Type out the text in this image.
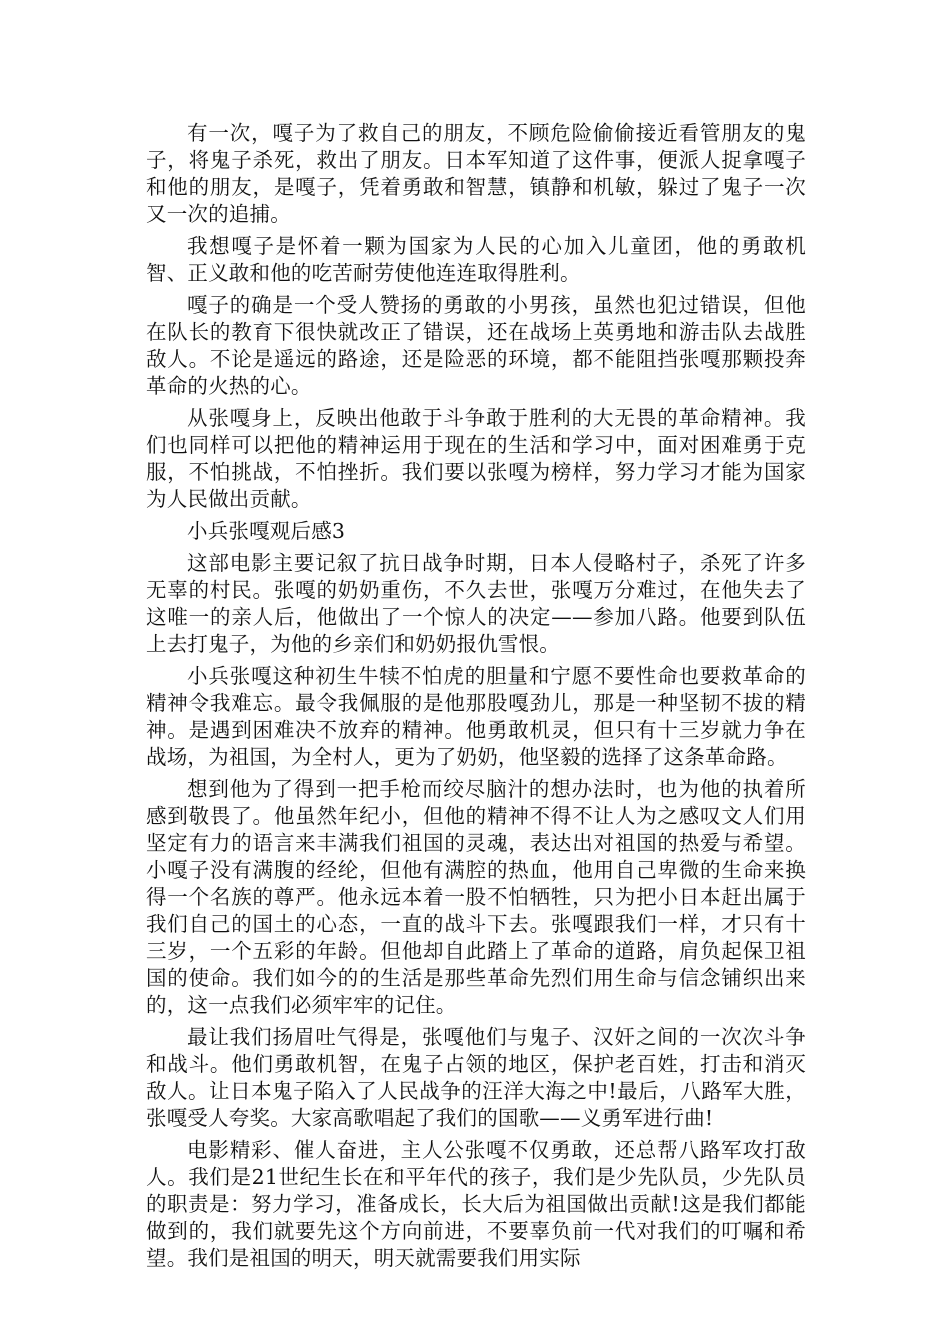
有一次，嘎子为了救自己的朋友，不顾危险偷偷接近看管朋友的鬼子，将鬼子杀死，救出了朋友。日本军知道了这件事，便派人捉拿嘎子和他的朋友，是嘎子，凭着勇敢和智慧，镇静和机敏，躲过了鬼子一次又一次的追捕。

我想嘎子是怀着一颗为国家为人民的心加入儿童团，他的勇敢机智、正义敢和他的吃苦耐劳使他连连取得胜利。

嘎子的确是一个受人赞扬的勇敢的小男孩，虽然也犯过错误，但他在队长的教育下很快就改正了错误，还在战场上英勇地和游击队去战胜敌人。不论是遥远的路途，还是险恶的环境，都不能阻挡张嘎那颗投奔革命的火热的心。

从张嘎身上，反映出他敢于斗争敢于胜利的大无畏的革命精神。我们也同样可以把他的精神运用于现在的生活和学习中，面对困难勇于克服，不怕挑战，不怕挫折。我们要以张嘎为榜样，努力学习才能为国家为人民做出贡献。

小兵张嘎观后感3

这部电影主要记叙了抗日战争时期，日本人侵略村子，杀死了许多无辜的村民。张嘎的奶奶重伤，不久去世，张嘎万分难过，在他失去了这唯一的亲人后，他做出了一个惊人的决定——参加八路。他要到队伍上去打鬼子，为他的乡亲们和奶奶报仇雪恨。

小兵张嘎这种初生牛犊不怕虎的胆量和宁愿不要性命也要救革命的精神令我难忘。最令我佩服的是他那股嘎劲儿，那是一种坚韧不拔的精神。是遇到困难决不放弃的精神。他勇敢机灵，但只有十三岁就力争在战场，为祖国，为全村人，更为了奶奶，他坚毅的选择了这条革命路。

想到他为了得到一把手枪而绞尽脑汁的想办法时，也为他的执着所感到敬畏了。他虽然年纪小，但他的精神不得不让人为之感叹文人们用坚定有力的语言来丰满我们祖国的灵魂，表达出对祖国的热爱与希望。小嘎子没有满腹的经纶，但他有满腔的热血，他用自己卑微的生命来换得一个名族的尊严。他永远本着一股不怕牺牲，只为把小日本赶出属于我们自己的国土的心态，一直的战斗下去。张嘎跟我们一样，才只有十三岁，一个五彩的年龄。但他却自此踏上了革命的道路，肩负起保卫祖国的使命。我们如今的的生活是那些革命先烈们用生命与信念铺织出来的，这一点我们必须牢牢的记住。

最让我们扬眉吐气得是，张嘎他们与鬼子、汉奸之间的一次次斗争和战斗。他们勇敢机智，在鬼子占领的地区，保护老百姓，打击和消灭敌人。让日本鬼子陷入了人民战争的汪洋大海之中!最后，八路军大胜，张嘎受人夸奖。大家高歌唱起了我们的国歌——义勇军进行曲!

电影精彩、催人奋进，主人公张嘎不仅勇敢，还总帮八路军攻打敌人。我们是21世纪生长在和平年代的孩子，我们是少先队员，少先队员的职责是：努力学习，准备成长，长大后为祖国做出贡献!这是我们都能做到的，我们就要先这个方向前进，不要辜负前一代对我们的叮嘱和希望。我们是祖国的明天，明天就需要我们用实际
